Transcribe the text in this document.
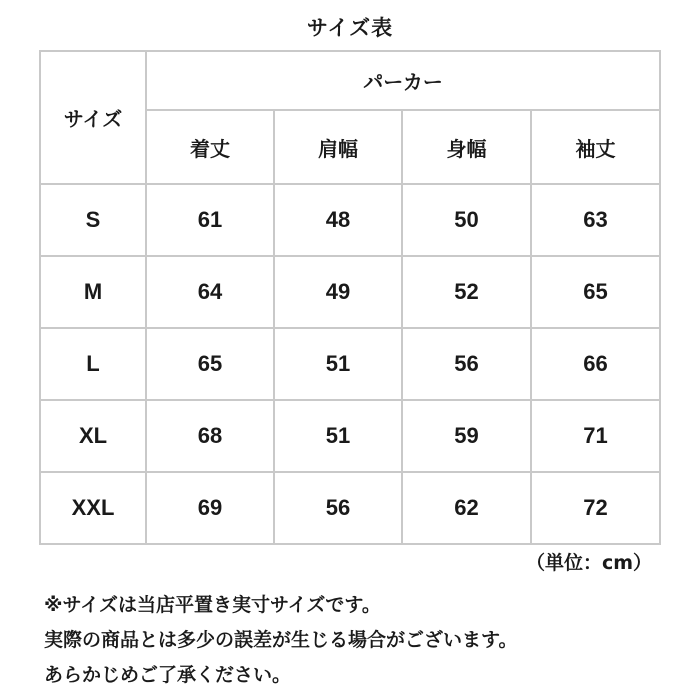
サイズ表
サイズ	パーカー			
	着丈	肩幅	身幅	袖丈
S	61	48	50	63
M	64	49	52	65
L	65	51	56	66
XL	68	51	59	71
XXL	69	56	62	72
（単位：cm）
※サイズは当店平置き実寸サイズです。
実際の商品とは多少の誤差が生じる場合がございます。
あらかじめご了承ください。
